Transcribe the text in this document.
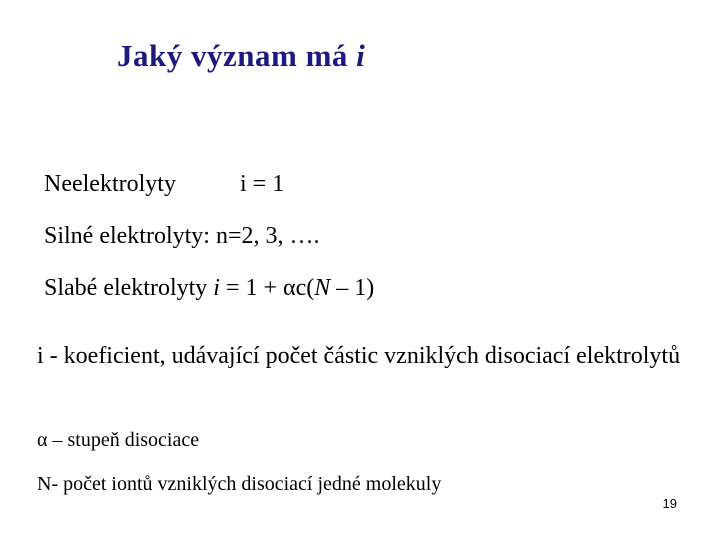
Jaký význam má i
Neelektrolyty	i = 1
Silné elektrolyty: n=2, 3, ….
Slabé elektrolyty i = 1 + αc(N – 1)
i - koeficient, udávající počet částic vzniklých disociací elektrolytů
α – stupeň disociace
N- počet iontů vzniklých disociací jedné molekuly
19
